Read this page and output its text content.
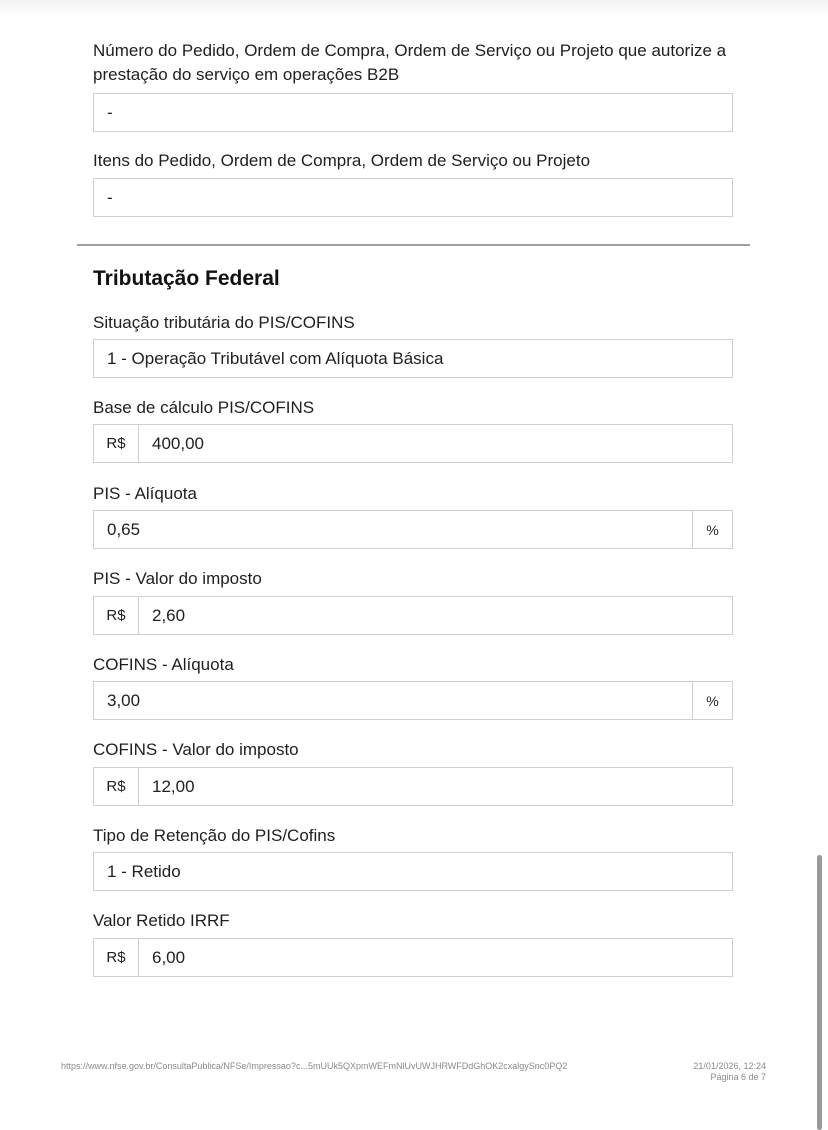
Número do Pedido, Ordem de Compra, Ordem de Serviço ou Projeto que autorize a prestação do serviço em operações B2B
-
Itens do Pedido, Ordem de Compra, Ordem de Serviço ou Projeto
-
Tributação Federal
Situação tributária do PIS/COFINS
1 - Operação Tributável com Alíquota Básica
Base de cálculo PIS/COFINS
R$	400,00
PIS - Alíquota
0,65	%
PIS - Valor do imposto
R$	2,60
COFINS - Alíquota
3,00	%
COFINS - Valor do imposto
R$	12,00
Tipo de Retenção do PIS/Cofins
1 - Retido
Valor Retido IRRF
R$	6,00
https://www.nfse.gov.br/ConsultaPublica/NFSe/Impressao?c...5mUUk5QXpmWEFmNlUvUWJHRWFDdGhOK2cxalgySnc0PQ2	21/01/2026, 12:24
Página 6 de 7
